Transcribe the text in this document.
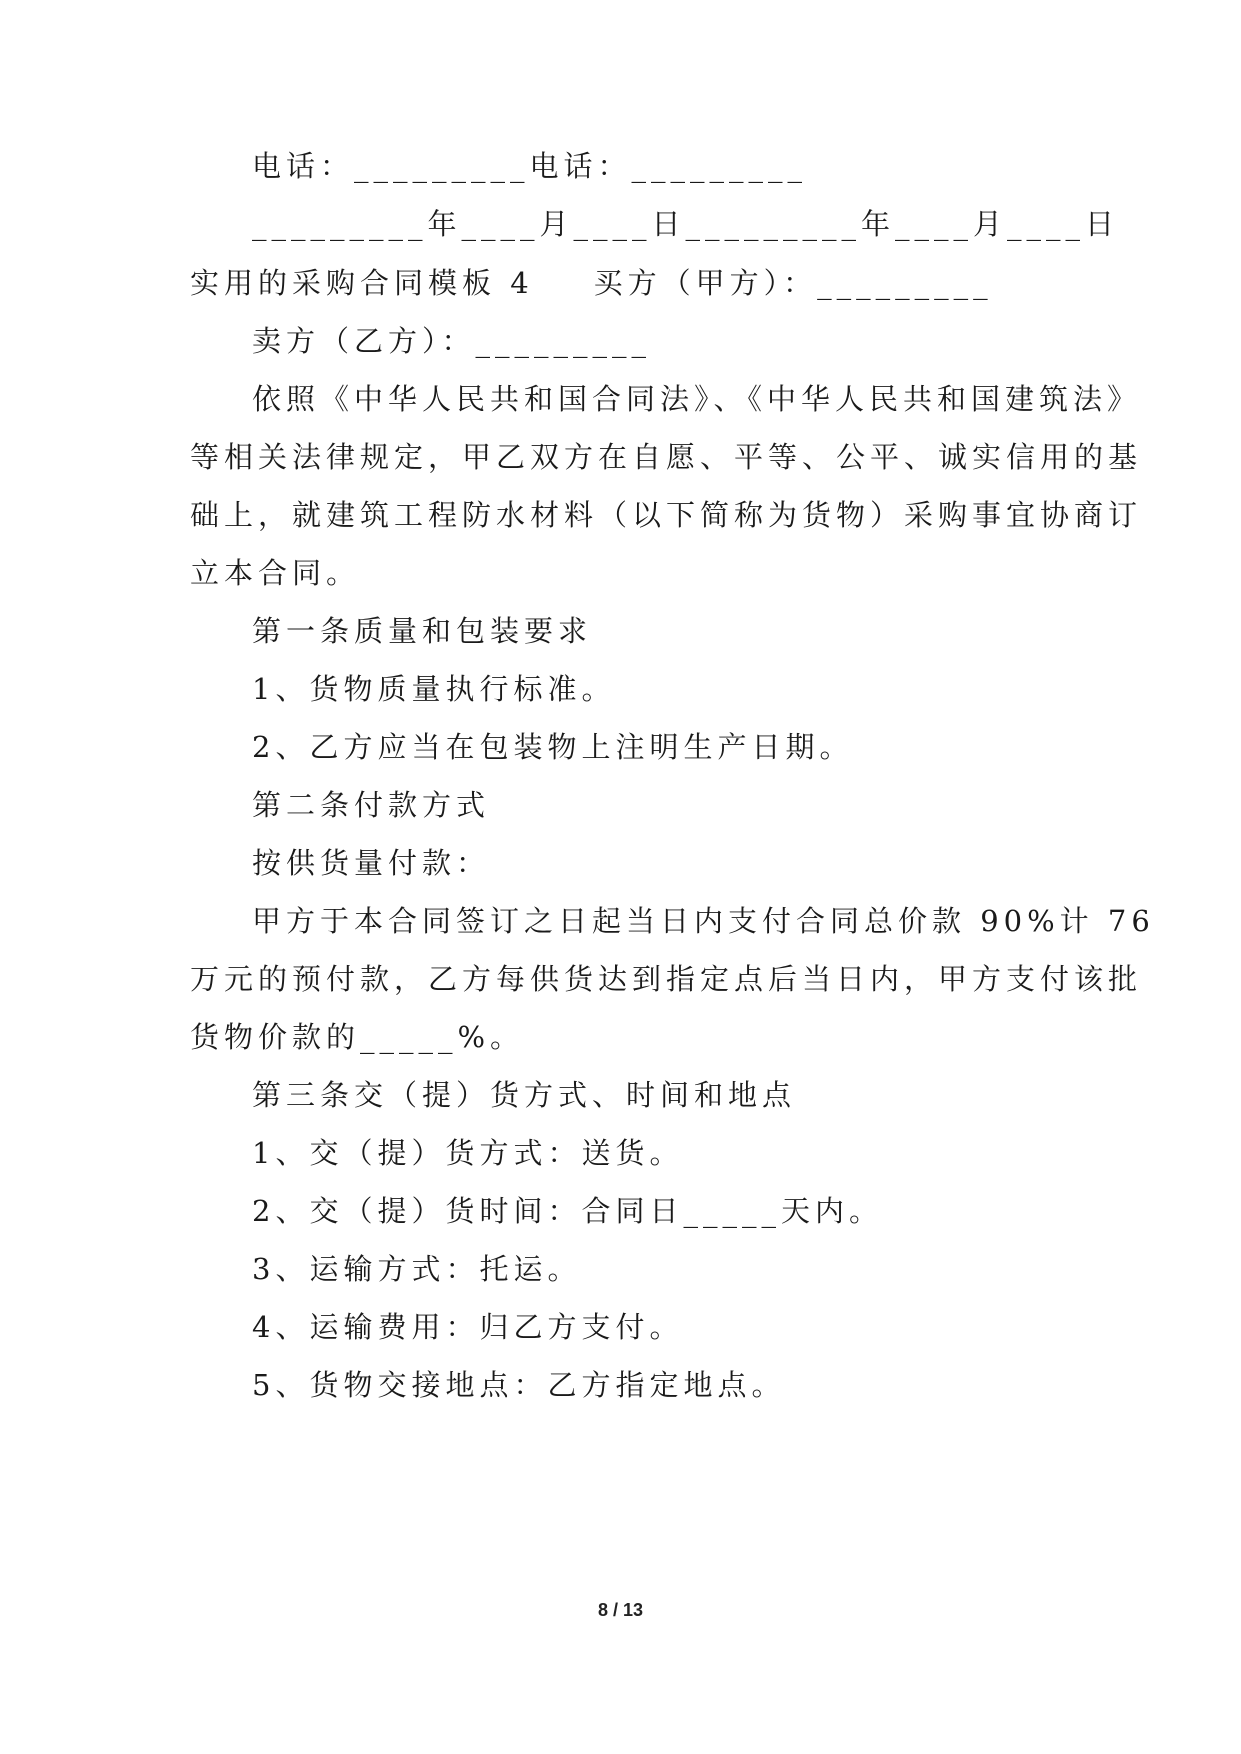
电话：_________电话：_________
_________年____月____日_________年____月____日
实用的采购合同模板 4 买方（甲方）：_________
卖方（乙方）：_________
依照《中华人民共和国合同法》、《中华人民共和国建筑法》
等相关法律规定，甲乙双方在自愿、平等、公平、诚实信用的基
础上，就建筑工程防水材料（以下简称为货物）采购事宜协商订
立本合同。
第一条质量和包装要求
1、货物质量执行标准。
2、乙方应当在包装物上注明生产日期。
第二条付款方式
按供货量付款：
甲方于本合同签订之日起当日内支付合同总价款 90%计 76
万元的预付款，乙方每供货达到指定点后当日内，甲方支付该批
货物价款的_____%。
第三条交（提）货方式、时间和地点
1、交（提）货方式：送货。
2、交（提）货时间：合同日_____天内。
3、运输方式：托运。
4、运输费用：归乙方支付。
5、货物交接地点：乙方指定地点。
8 / 13
